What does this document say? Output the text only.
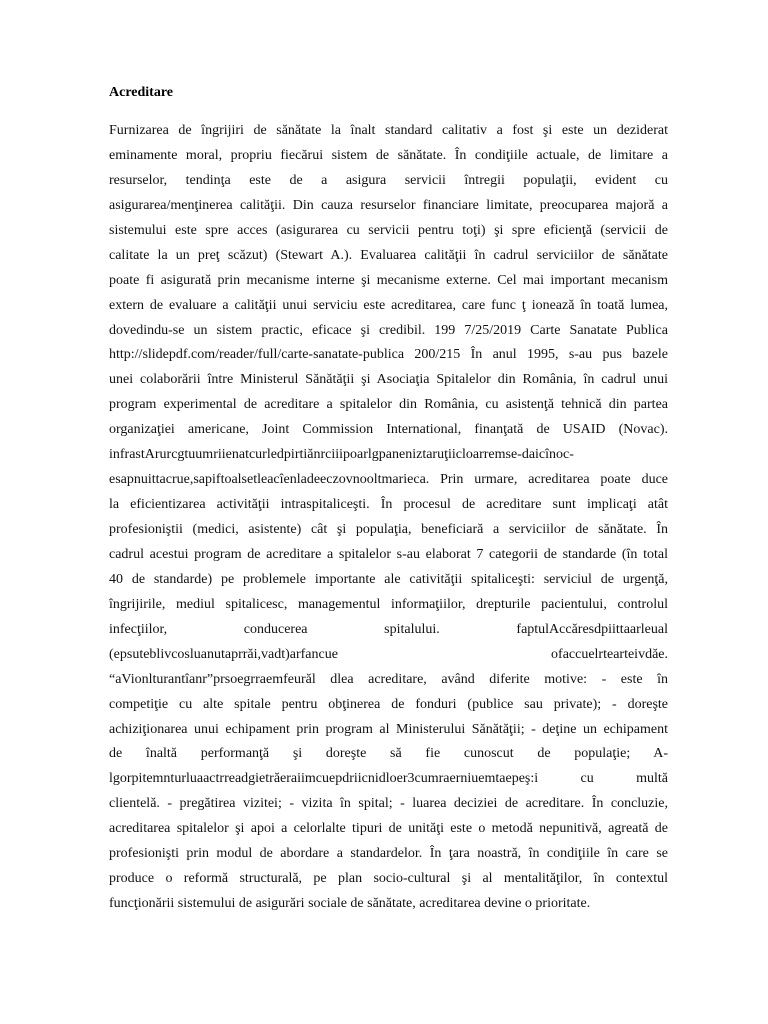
Acreditare
Furnizarea de îngrijiri de sănătate la înalt standard calitativ a fost şi este un deziderat
eminamente moral, propriu fiecărui sistem de sănătate. În condiţiile actuale, de limitare a
resurselor, tendinţa este de a asigura servicii întregii populaţii, evident cu
asigurarea/menţinerea calităţii. Din cauza resurselor financiare limitate, preocuparea majoră a
sistemului este spre acces (asigurarea cu servicii pentru toţi) şi spre eficienţă (servicii de
calitate la un preţ scăzut) (Stewart A.). Evaluarea calităţii în cadrul serviciilor de sănătate
poate fi asigurată prin mecanisme interne şi mecanisme externe. Cel mai important mecanism
extern de evaluare a calităţii unui serviciu este acreditarea, care func ţ ionează în toată lumea,
dovedindu-se un sistem practic, eficace şi credibil. 199 7/25/2019 Carte Sanatate Publica
http://slidepdf.com/reader/full/carte-sanatate-publica 200/215 În anul 1995, s-au pus bazele
unei colaborării între Ministerul Sănătăţii şi Asociaţia Spitalelor din România, în cadrul unui
program experimental de acreditare a spitalelor din România, cu asistenţă tehnică din partea
organizaţiei americane, Joint Commission International, finanţată de USAID (Novac).
infrastArurcgtuumriienatcurledpirtiănrciiipoarlgpaneniztaruţiicloarremse-daicînoc-
esapnuittacrue,sapiftoalsetleacîenladeeczovnooltmarieca. Prin urmare, acreditarea poate duce
la eficientizarea activităţii intraspitaliceşti. În procesul de acreditare sunt implicaţi atât
profesioniştii (medici, asistente) cât şi populaţia, beneficiară a serviciilor de sănătate. În
cadrul acestui program de acreditare a spitalelor s-au elaborat 7 categorii de standarde (în total
40 de standarde) pe problemele importante ale cativităţii spitaliceşti: serviciul de urgenţă,
îngrijirile, mediul spitalicesc, managementul informaţiilor, drepturile pacientului, controlul
infecţiilor, conducerea spitalului. faptulAccăresdpiittaarleual
(epsuteblivcosluanutaprrăi,vadt)arfancue ofaccuelrtearteivdăe.
“aVionlturantîanr”prsoegrraemfeurăl dlea acreditare, având diferite motive: - este în
competiţie cu alte spitale pentru obţinerea de fonduri (publice sau private); - doreşte
achiziţionarea unui echipament prin program al Ministerului Sănătăţii; - deţine un echipament
de înaltă performanţă şi doreşte să fie cunoscut de populaţie; A-
lgorpitemnturluaactrreadgietrăeraiimcuepdriicnidloer3cumraerniuemtaepeş:i cu multă
clientelă. - pregătirea vizitei; - vizita în spital; - luarea deciziei de acreditare. În concluzie,
acreditarea spitalelor şi apoi a celorlalte tipuri de unităţi este o metodă nepunitivă, agreată de
profesionişti prin modul de abordare a standardelor. În ţara noastră, în condiţiile în care se
produce o reformă structurală, pe plan socio-cultural şi al mentalităţilor, în contextul
funcţionării sistemului de asigurări sociale de sănătate, acreditarea devine o prioritate.
